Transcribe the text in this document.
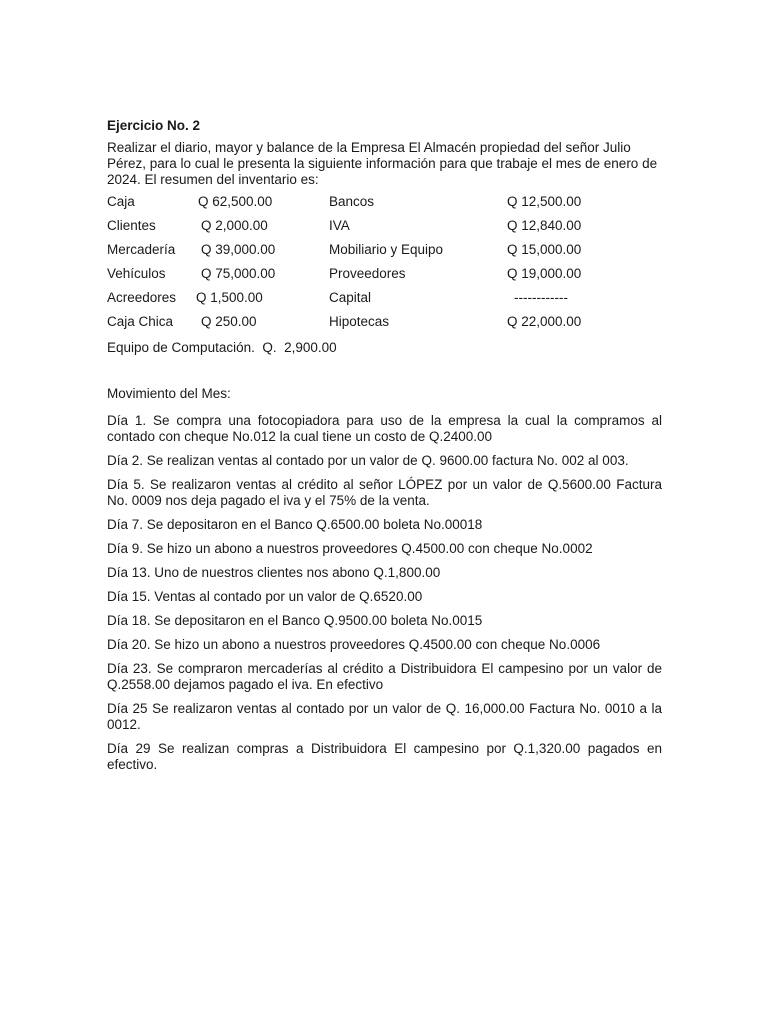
Ejercicio No. 2

Realizar el diario, mayor y balance de la Empresa El Almacén propiedad del señor Julio Pérez, para lo cual le presenta la siguiente información para que trabaje el mes de enero de 2024. El resumen del inventario es:

Caja	Q 62,500.00	Bancos	Q 12,500.00
Clientes	Q 2,000.00	IVA	Q 12,840.00
Mercadería Q 39,000.00	Mobiliario y Equipo	Q 15,000.00
Vehículos	Q 75,000.00	Proveedores	Q 19,000.00
Acreedores Q 1,500.00	Capital	------------
Caja Chica Q 250.00	Hipotecas	Q 22,000.00

Equipo de Computación.  Q.  2,900.00

Movimiento del Mes:

Día 1. Se compra una fotocopiadora para uso de la empresa la cual la compramos al contado con cheque No.012 la cual tiene un costo de Q.2400.00
Día 2. Se realizan ventas al contado por un valor de Q. 9600.00 factura No. 002 al 003.
Día 5. Se realizaron ventas al crédito al señor LÓPEZ por un valor de Q.5600.00 Factura No. 0009 nos deja pagado el iva y el 75% de la venta.
Día 7. Se depositaron en el Banco Q.6500.00 boleta No.00018
Día 9. Se hizo un abono a nuestros proveedores Q.4500.00 con cheque No.0002
Día 13. Uno de nuestros clientes nos abono Q.1,800.00
Día 15. Ventas al contado por un valor de Q.6520.00
Día 18. Se depositaron en el Banco Q.9500.00 boleta No.0015
Día 20. Se hizo un abono a nuestros proveedores Q.4500.00 con cheque No.0006
Día 23. Se compraron mercaderías al crédito a Distribuidora El campesino por un valor de Q.2558.00 dejamos pagado el iva. En efectivo
Día 25 Se realizaron ventas al contado por un valor de Q. 16,000.00 Factura No. 0010 a la 0012.
Día 29 Se realizan compras a Distribuidora El campesino por Q.1,320.00 pagados en efectivo.
